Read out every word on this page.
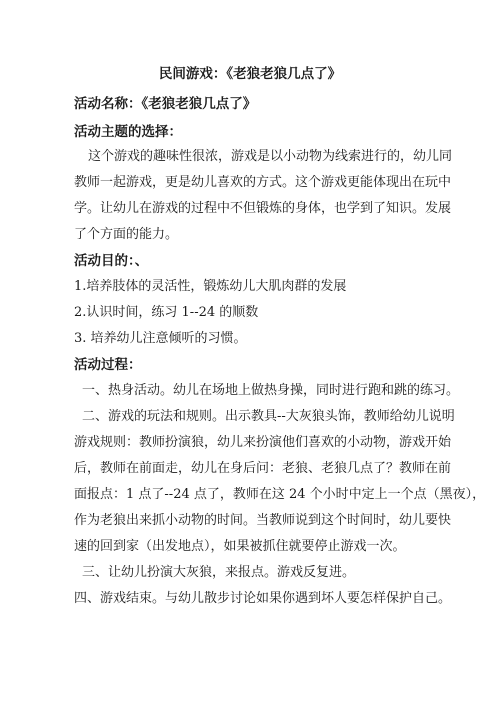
民间游戏：《老狼老狼几点了》
活动名称：《老狼老狼几点了》
活动主题的选择：
这个游戏的趣味性很浓，游戏是以小动物为线索进行的，幼儿同
教师一起游戏，更是幼儿喜欢的方式。这个游戏更能体现出在玩中
学。让幼儿在游戏的过程中不但锻炼的身体，也学到了知识。发展
了个方面的能力。
活动目的：、
1.培养肢体的灵活性，锻炼幼儿大肌肉群的发展
2.认识时间，练习 1--24 的顺数
3. 培养幼儿注意倾听的习惯。
活动过程：
一、热身活动。幼儿在场地上做热身操，同时进行跑和跳的练习。
二、游戏的玩法和规则。出示教具--大灰狼头饰，教师给幼儿说明
游戏规则：教师扮演狼，幼儿来扮演他们喜欢的小动物，游戏开始
后，教师在前面走，幼儿在身后问：老狼、老狼几点了？教师在前
面报点：1 点了--24 点了，教师在这 24 个小时中定上一个点（黑夜），
作为老狼出来抓小动物的时间。当教师说到这个时间时，幼儿要快
速的回到家（出发地点），如果被抓住就要停止游戏一次。
三、让幼儿扮演大灰狼，来报点。游戏反复进。
四、游戏结束。与幼儿散步讨论如果你遇到坏人要怎样保护自己。
